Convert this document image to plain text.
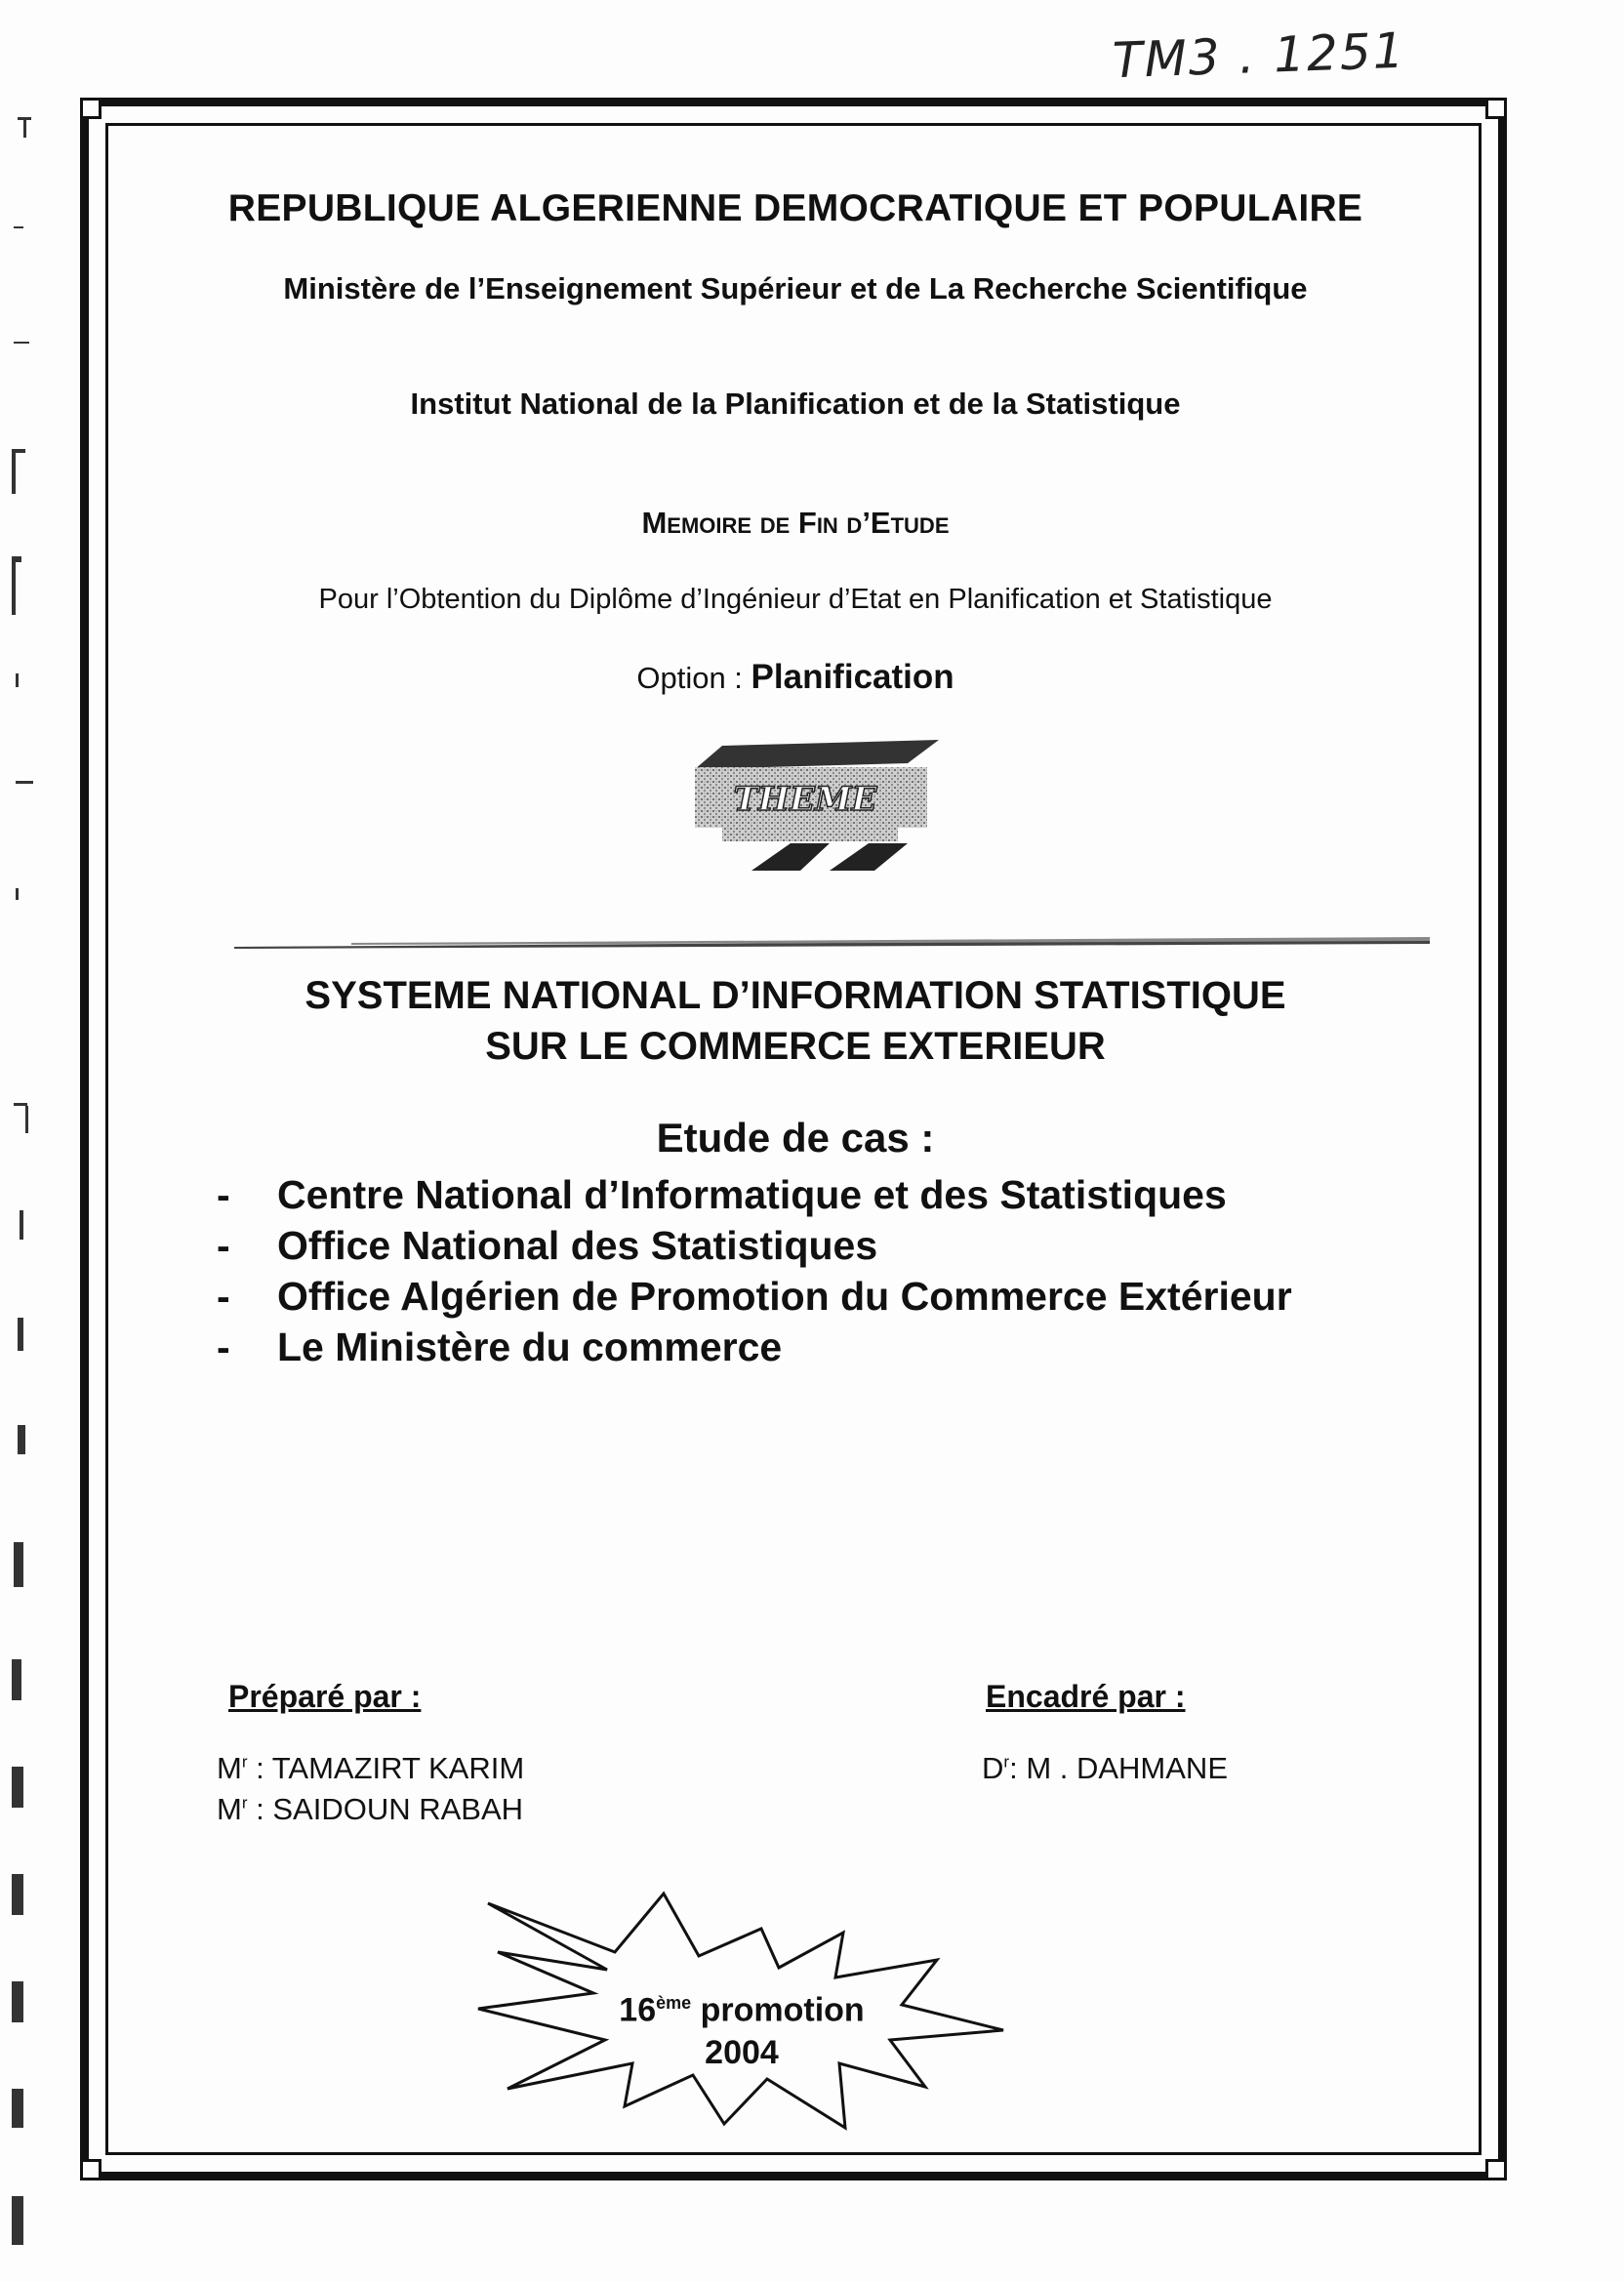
TM3 . 1251
REPUBLIQUE ALGERIENNE DEMOCRATIQUE ET POPULAIRE
Ministère de l’Enseignement Supérieur et de La Recherche Scientifique
Institut National de la Planification et de la Statistique
Memoire de Fin d’Etude
Pour l’Obtention du Diplôme d’Ingénieur d’Etat en Planification et Statistique
Option : Planification
THEME
SYSTEME NATIONAL D’INFORMATION STATISTIQUE
SUR LE COMMERCE EXTERIEUR
Etude de cas :
- Centre National d’Informatique et des Statistiques
- Office National des Statistiques
- Office Algérien de Promotion du Commerce Extérieur
- Le Ministère du commerce
Préparé par :
$M^r$ : TAMAZIRT KARIM
$M^r$ : SAIDOUN RABAH
Encadré par :
$D^r$: M . DAHMANE
16ème promotion
2004
